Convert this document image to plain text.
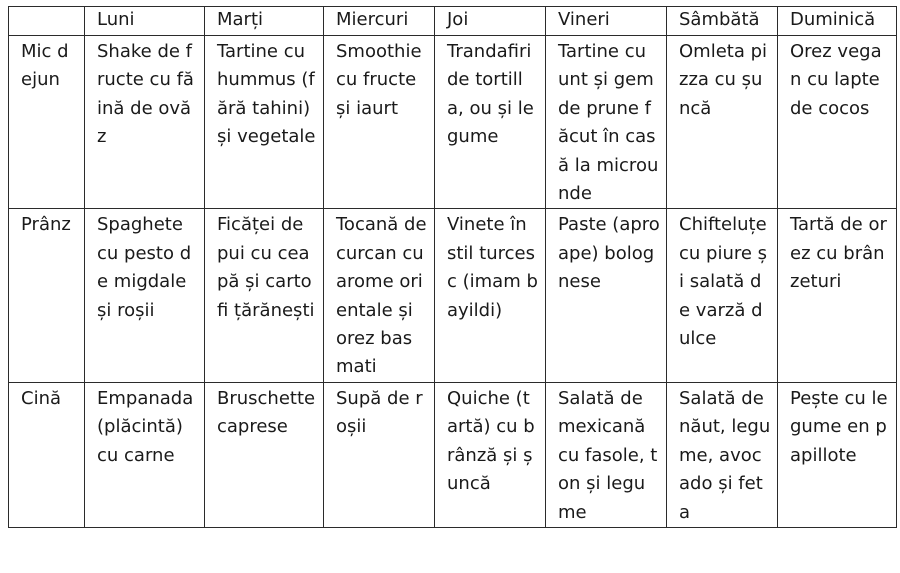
	Luni	Marți	Miercuri	Joi	Vineri	Sâmbătă	Duminică
Mic dejun	Shake de fructe cu făină de ovăz	Tartine cu hummus (fără tahini) și vegetale	Smoothie cu fructe și iaurt	Trandafiri de tortilla, ou și legume	Tartine cu unt și gem de prune făcut în casă la microunde	Omleta pizza cu șuncă	Orez vegan cu lapte de cocos
Prânz	Spaghete cu pesto de migdale și roșii	Ficăței de pui cu ceapă și cartofi țărănești	Tocană de curcan cu arome orientale și orez basmati	Vinete în stil turcesc (imam bayildi)	Paste (aproape) bolognese	Chifteluțe cu piure și salată de varză dulce	Tartă de orez cu brânzeturi
Cină	Empanada (plăcintă) cu carne	Bruschette caprese	Supă de roșii	Quiche (tartă) cu brânză și șuncă	Salată de mexicană cu fasole, ton și legume	Salată de năut, legume, avocado și feta	Pește cu legume en papillote
